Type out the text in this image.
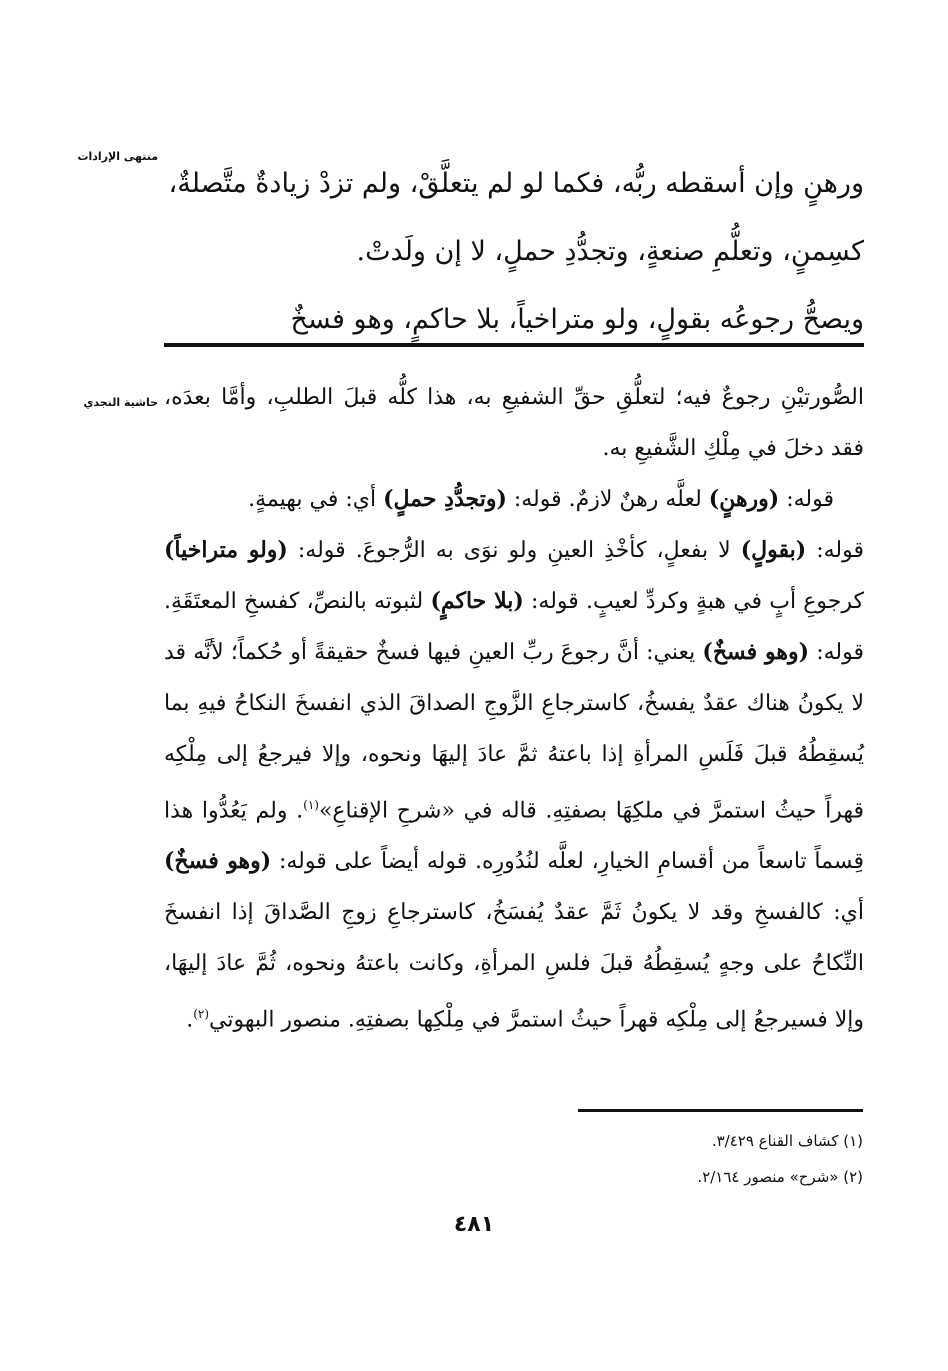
منتهى الإرادات
حاشية النجدي

ورهنٍ وإن أسقطه ربُّه، فكما لو لم يتعلَّقْ، ولم تزدْ زيادةٌ متَّصلةٌ،

كسِمنٍ، وتعلُّمِ صنعةٍ، وتجدُّدِ حملٍ، لا إن ولَدتْ.

ويصحُّ رجوعُه بقولٍ، ولو متراخياً، بلا حاكمٍ، وهو فسخٌ

الصُّورتيْنِ رجوعٌ فيه؛ لتعلُّقِ حقِّ الشفيعِ به، هذا كلُّه قبلَ الطلبِ، وأمَّا بعدَه، فقد دخلَ في مِلْكِ الشَّفيعِ به.

قوله: (ورهنٍ) لعلَّه رهنٌ لازمٌ. قوله: (وتجدُّدِ حملٍ) أي: في بهيمةٍ.

قوله: (بقولٍ) لا بفعلٍ، كأخْذِ العينِ ولو نوَى به الرُّجوعَ. قوله: (ولو متراخياً) كرجوعِ أبٍ في هبةٍ وكردِّ لعيبٍ. قوله: (بلا حاكمٍ) لثبوته بالنصِّ، كفسخِ المعتَقَةِ. قوله: (وهو فسخٌ) يعني: أنَّ رجوعَ ربِّ العينِ فيها فسخٌ حقيقةً أو حُكماً؛ لأنَّه قد لا يكونُ هناك عقدٌ يفسخُ، كاسترجاعِ الزَّوجِ الصداقَ الذي انفسخَ النكاحُ فيهِ بما يُسقِطُهُ قبلَ فَلَسِ المرأةِ إذا باعتهُ ثمَّ عادَ إليهَا ونحوه، وإلا فيرجعُ إلى مِلْكِه قهراً حيثُ استمرَّ في ملكِهَا بصفتِهِ. قاله في «شرحِ الإقناعِ»$^{(١)}$. ولم يَعُدُّوا هذا قِسماً تاسعاً من أقسامِ الخيارِ، لعلَّه لنُدُورِه. قوله أيضاً على قوله: (وهو فسخٌ) أي: كالفسخِ وقد لا يكونُ ثَمَّ عقدٌ يُفسَخُ، كاسترجاعِ زوجِ الصَّداقَ إذا انفسخَ النِّكاحُ على وجهٍ يُسقِطُهُ قبلَ فلسِ المرأةِ، وكانت باعتهُ ونحوه، ثُمَّ عادَ إليهَا، وإلا فسيرجعُ إلى مِلْكِه قهراً حيثُ استمرَّ في مِلْكِها بصفتِهِ. منصور البهوتي$^{(٢)}$.

(١) كشاف القناع ٣/٤٢٩.

(٢) «شرح» منصور ٢/١٦٤.

٤٨١
